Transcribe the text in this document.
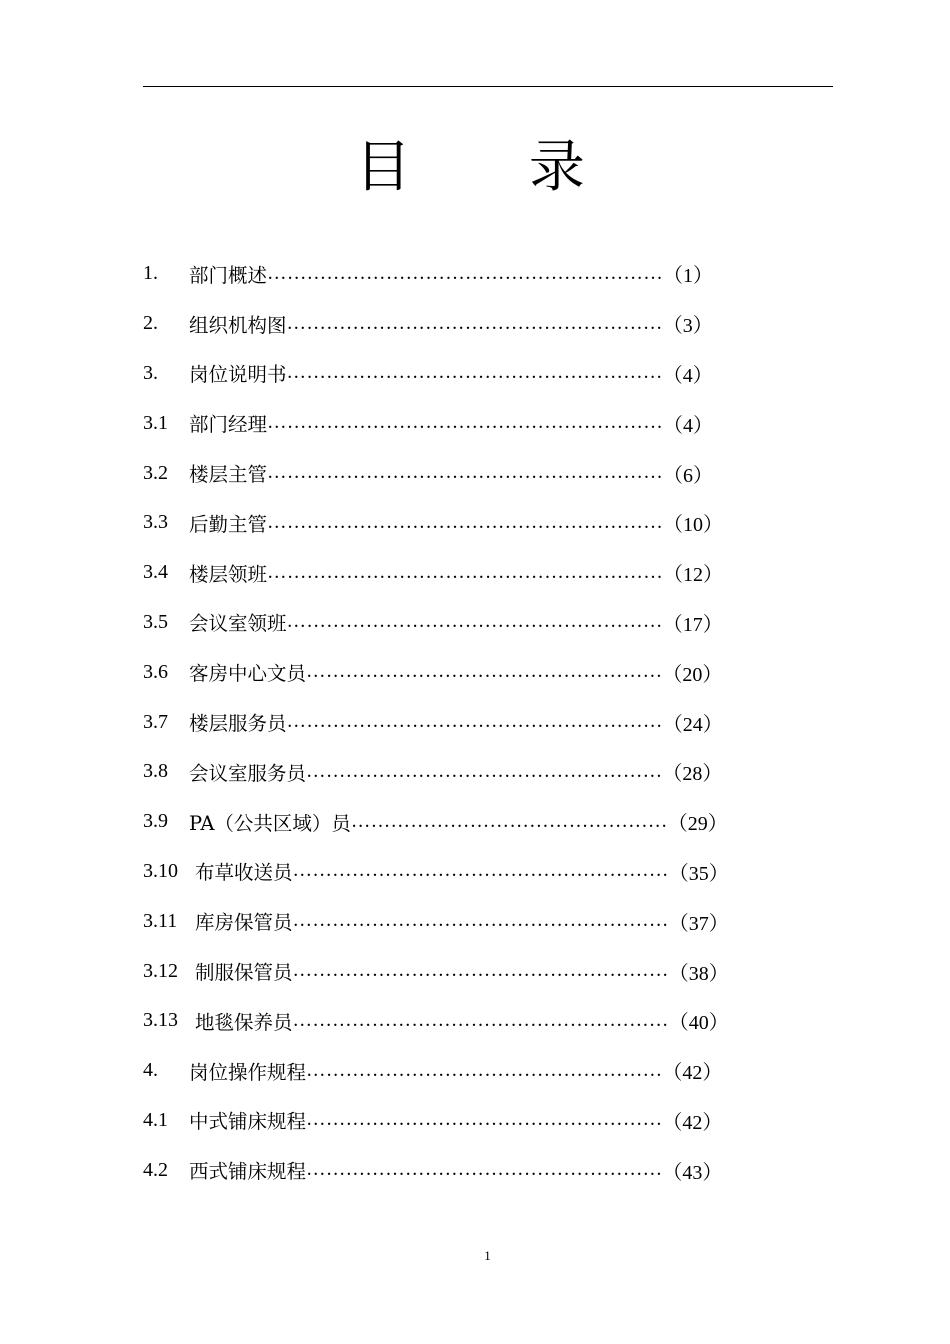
目 录
1.	部门概述 …………………………………………………… （1）
2.	组织机构图 ………………………………………………… （3）
3.	岗位说明书 ………………………………………………… （4）
3.1	部门经理 …………………………………………………… （4）
3.2	楼层主管 …………………………………………………… （6）
3.3	后勤主管 …………………………………………………… （10）
3.4	楼层领班 …………………………………………………… （12）
3.5	会议室领班 ………………………………………………… （17）
3.6	客房中心文员 ……………………………………………… （20）
3.7	楼层服务员 ………………………………………………… （24）
3.8	会议室服务员 ……………………………………………… （28）
3.9	PA（公共区域）员 ………………………………………… （29）
3.10 布草收送员 ………………………………………………… （35）
3.11 库房保管员 ………………………………………………… （37）
3.12 制服保管员 ………………………………………………… （38）
3.13 地毯保养员 ………………………………………………… （40）
4.	岗位操作规程 ……………………………………………… （42）
4.1	中式铺床规程 ……………………………………………… （42）
4.2	西式铺床规程 ……………………………………………… （43）
1
